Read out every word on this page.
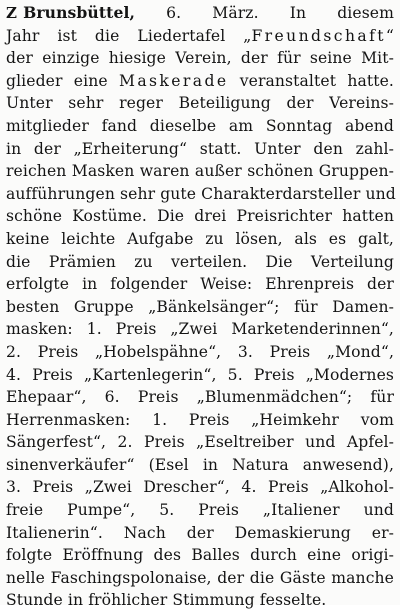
Z Brunsbüttel, 6. März. In diesem
Jahr ist die Liedertafel „Freundschaft“
der einzige hiesige Verein, der für seine Mit-
glieder eine Maskerade veranstaltet hatte.
Unter sehr reger Beteiligung der Vereins-
mitglieder fand dieselbe am Sonntag abend
in der „Erheiterung“ statt. Unter den zahl-
reichen Masken waren außer schönen Gruppen-
aufführungen sehr gute Charakterdarsteller und
schöne Kostüme. Die drei Preisrichter hatten
keine leichte Aufgabe zu lösen, als es galt,
die Prämien zu verteilen. Die Verteilung
erfolgte in folgender Weise: Ehrenpreis der
besten Gruppe „Bänkelsänger“; für Damen-
masken: 1. Preis „Zwei Marketenderinnen“,
2. Preis „Hobelspähne“, 3. Preis „Mond“,
4. Preis „Kartenlegerin“, 5. Preis „Modernes
Ehepaar“, 6. Preis „Blumenmädchen“; für
Herrenmasken: 1. Preis „Heimkehr vom
Sängerfest“, 2. Preis „Eseltreiber und Apfel-
sinenverkäufer“ (Esel in Natura anwesend),
3. Preis „Zwei Drescher“, 4. Preis „Alkohol-
freie Pumpe“, 5. Preis „Italiener und
Italienerin“. Nach der Demaskierung er-
folgte Eröffnung des Balles durch eine origi-
nelle Faschingspolonaise, der die Gäste manche
Stunde in fröhlicher Stimmung fesselte.
